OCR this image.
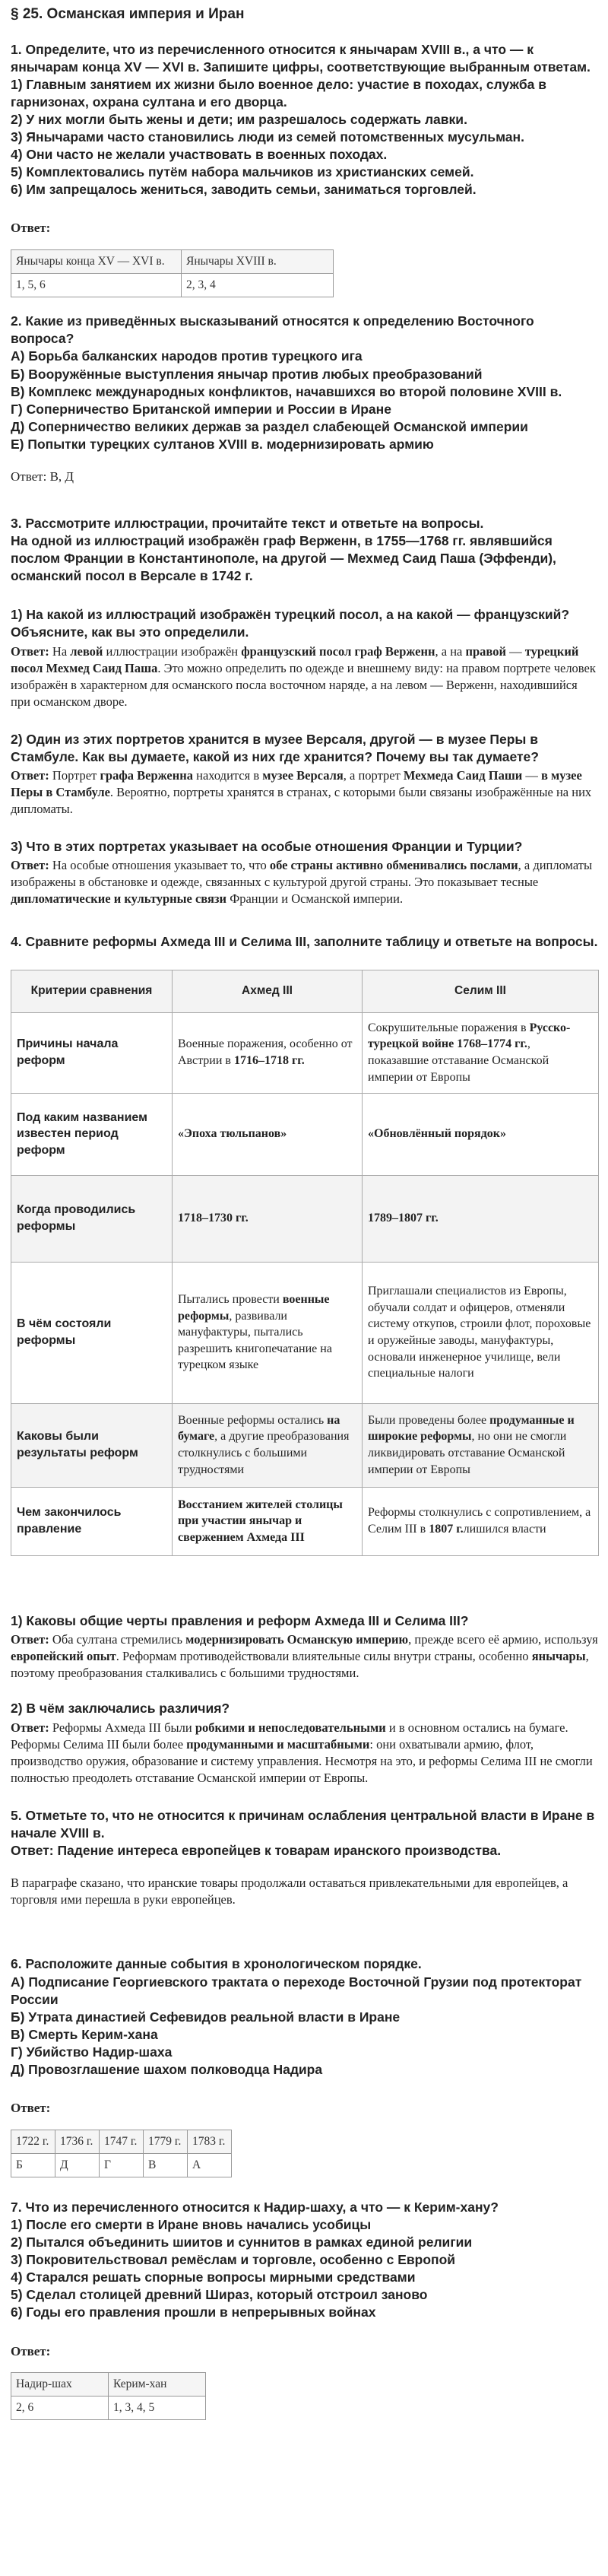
§ 25. Османская империя и Иран

1. Определите, что из перечисленного относится к янычарам XVIII в., а что — к янычарам конца XV — XVI в. Запишите цифры, соответствующие выбранным ответам.

1) Главным занятием их жизни было военное дело: участие в походах, служба в гарнизонах, охрана султана и его дворца.

2) У них могли быть жены и дети; им разрешалось содержать лавки.

3) Янычарами часто становились люди из семей потомственных мусульман.

4) Они часто не желали участвовать в военных походах.

5) Комплектовались путём набора мальчиков из христианских семей.

6) Им запрещалось жениться, заводить семьи, заниматься торговлей.

Ответ:
Янычары конца XV — XVI в.	Янычары XVIII в.
1, 5, 6	2, 3, 4

2. Какие из приведённых высказываний относятся к определению Восточного вопроса?

А) Борьба балканских народов против турецкого ига

Б) Вооружённые выступления янычар против любых преобразований

В) Комплекс международных конфликтов, начавшихся во второй половине XVIII в.

Г) Соперничество Британской империи и России в Иране

Д) Соперничество великих держав за раздел слабеющей Османской империи

Е) Попытки турецких султанов XVIII в. модернизировать армию

Ответ: В, Д

3. Рассмотрите иллюстрации, прочитайте текст и ответьте на вопросы.

На одной из иллюстраций изображён граф Верженн, в 1755—1768 гг. являвшийся послом Франции в Константинополе, на другой — Мехмед Саид Паша (Эффенди), османский посол в Версале в 1742 г.

1) На какой из иллюстраций изображён турецкий посол, а на какой — французский? Объясните, как вы это определили.
Ответ: На левой иллюстрации изображён французский посол граф Верженн, а на правой — турецкий посол Мехмед Саид Паша. Это можно определить по одежде и внешнему виду: на правом портрете человек изображён в характерном для османского посла восточном наряде, а на левом — Верженн, находившийся при османском дворе.
2) Один из этих портретов хранится в музее Версаля, другой — в музее Перы в Стамбуле. Как вы думаете, какой из них где хранится? Почему вы так думаете?
Ответ: Портрет графа Верженна находится в музее Версаля, а портрет Мехмеда Саид Паши — в музее Перы в Стамбуле. Вероятно, портреты хранятся в странах, с которыми были связаны изображённые на них дипломаты.
3) Что в этих портретах указывает на особые отношения Франции и Турции?
Ответ: На особые отношения указывает то, что обе страны активно обменивались послами, а дипломаты изображены в обстановке и одежде, связанных с культурой другой страны. Это показывает тесные дипломатические и культурные связи Франции и Османской империи.
4. Сравните реформы Ахмеда III и Селима III, заполните таблицу и ответьте на вопросы.
Критерии сравнения	Ахмед III	Селим III
Причины начала реформ	Военные поражения, особенно от Австрии в 1716–1718 гг.	Сокрушительные поражения в Русско-турецкой войне 1768–1774 гг., показавшие отставание Османской империи от Европы
Под каким названием известен период реформ	«Эпоха тюльпанов»	«Обновлённый порядок»
Когда проводились реформы	1718–1730 гг.	1789–1807 гг.
В чём состояли реформы	Пытались провести военные реформы, развивали мануфактуры, пытались разрешить книгопечатание на турецком языке	Приглашали специалистов из Европы, обучали солдат и офицеров, отменяли систему откупов, строили флот, пороховые и оружейные заводы, мануфактуры, основали инженерное училище, вели специальные налоги
Каковы были результаты реформ	Военные реформы остались на бумаге, а другие преобразования столкнулись с большими трудностями	Были проведены более продуманные и широкие реформы, но они не смогли ликвидировать отставание Османской империи от Европы
Чем закончилось правление	Восстанием жителей столицы при участии янычар и свержением Ахмеда III	Реформы столкнулись с сопротивлением, а Селим III в 1807 г.лишился власти
1) Каковы общие черты правления и реформ Ахмеда III и Селима III?
Ответ: Оба султана стремились модернизировать Османскую империю, прежде всего её армию, используя европейский опыт. Реформам противодействовали влиятельные силы внутри страны, особенно янычары, поэтому преобразования сталкивались с большими трудностями.
2) В чём заключались различия?
Ответ: Реформы Ахмеда III были робкими и непоследовательными и в основном остались на бумаге. Реформы Селима III были более продуманными и масштабными: они охватывали армию, флот, производство оружия, образование и систему управления. Несмотря на это, и реформы Селима III не смогли полностью преодолеть отставание Османской империи от Европы.

5. Отметьте то, что не относится к причинам ослабления центральной власти в Иране в начале XVIII в.

Ответ: Падение интереса европейцев к товарам иранского производства.

В параграфе сказано, что иранские товары продолжали оставаться привлекательными для европейцев, а торговля ими перешла в руки европейцев.

6. Расположите данные события в хронологическом порядке.

А) Подписание Георгиевского трактата о переходе Восточной Грузии под протекторат России

Б) Утрата династией Сефевидов реальной власти в Иране

В) Смерть Керим-хана

Г) Убийство Надир-шаха

Д) Провозглашение шахом полководца Надира

Ответ:
1722 г.	1736 г.	1747 г.	1779 г.	1783 г.
Б	Д	Г	В	А

7. Что из перечисленного относится к Надир-шаху, а что — к Керим-хану?

1) После его смерти в Иране вновь начались усобицы

2) Пытался объединить шиитов и суннитов в рамках единой религии

3) Покровительствовал ремёслам и торговле, особенно с Европой

4) Старался решать спорные вопросы мирными средствами

5) Сделал столицей древний Шираз, который отстроил заново

6) Годы его правления прошли в непрерывных войнах

Ответ:
Надир-шах	Керим-хан
2, 6	1, 3, 4, 5
